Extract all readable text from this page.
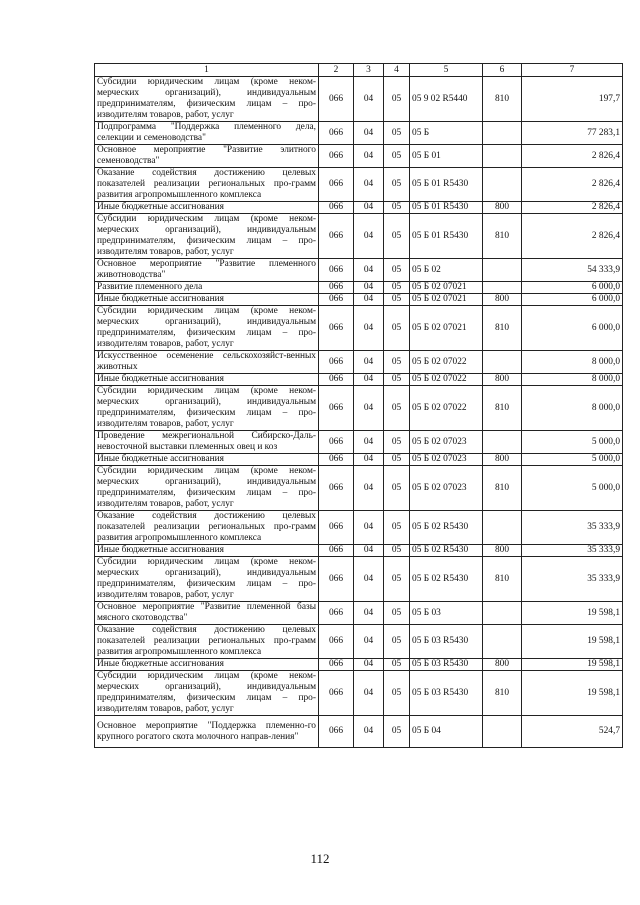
1	2	3	4	5	6	7
Субсидии юридическим лицам (кроме неком-мерческих организаций), индивидуальным предпринимателям, физическим лицам – про-изводителям товаров, работ, услуг	066	04	05	05 9 02 R5440	810	197,7
Подпрограмма "Поддержка племенного дела, селекции и семеноводства"	066	04	05	05 Б		77 283,1
Основное мероприятие "Развитие элитного семеноводства"	066	04	05	05 Б 01		2 826,4
Оказание содействия достижению целевых показателей реализации региональных про-грамм развития агропромышленного комплекса	066	04	05	05 Б 01 R5430		2 826,4
Иные бюджетные ассигнования	066	04	05	05 Б 01 R5430	800	2 826,4
Субсидии юридическим лицам (кроме неком-мерческих организаций), индивидуальным предпринимателям, физическим лицам – про-изводителям товаров, работ, услуг	066	04	05	05 Б 01 R5430	810	2 826,4
Основное мероприятие "Развитие племенного животноводства"	066	04	05	05 Б 02		54 333,9
Развитие племенного дела	066	04	05	05 Б 02 07021		6 000,0
Иные бюджетные ассигнования	066	04	05	05 Б 02 07021	800	6 000,0
Субсидии юридическим лицам (кроме неком-мерческих организаций), индивидуальным предпринимателям, физическим лицам – про-изводителям товаров, работ, услуг	066	04	05	05 Б 02 07021	810	6 000,0
Искусственное осеменение сельскохозяйст-венных животных	066	04	05	05 Б 02 07022		8 000,0
Иные бюджетные ассигнования	066	04	05	05 Б 02 07022	800	8 000,0
Субсидии юридическим лицам (кроме неком-мерческих организаций), индивидуальным предпринимателям, физическим лицам – про-изводителям товаров, работ, услуг	066	04	05	05 Б 02 07022	810	8 000,0
Проведение межрегиональной Сибирско-Даль-невосточной выставки племенных овец и коз	066	04	05	05 Б 02 07023		5 000,0
Иные бюджетные ассигнования	066	04	05	05 Б 02 07023	800	5 000,0
Субсидии юридическим лицам (кроме неком-мерческих организаций), индивидуальным предпринимателям, физическим лицам – про-изводителям товаров, работ, услуг	066	04	05	05 Б 02 07023	810	5 000,0
Оказание содействия достижению целевых показателей реализации региональных про-грамм развития агропромышленного комплекса	066	04	05	05 Б 02 R5430		35 333,9
Иные бюджетные ассигнования	066	04	05	05 Б 02 R5430	800	35 333,9
Субсидии юридическим лицам (кроме неком-мерческих организаций), индивидуальным предпринимателям, физическим лицам – про-изводителям товаров, работ, услуг	066	04	05	05 Б 02 R5430	810	35 333,9
Основное мероприятие "Развитие племенной базы мясного скотоводства"	066	04	05	05 Б 03		19 598,1
Оказание содействия достижению целевых показателей реализации региональных про-грамм развития агропромышленного комплекса	066	04	05	05 Б 03 R5430		19 598,1
Иные бюджетные ассигнования	066	04	05	05 Б 03 R5430	800	19 598,1
Субсидии юридическим лицам (кроме неком-мерческих организаций), индивидуальным предпринимателям, физическим лицам – про-изводителям товаров, работ, услуг	066	04	05	05 Б 03 R5430	810	19 598,1
Основное мероприятие "Поддержка племенно-го крупного рогатого скота молочного направ-ления"	066	04	05	05 Б 04		524,7
112
